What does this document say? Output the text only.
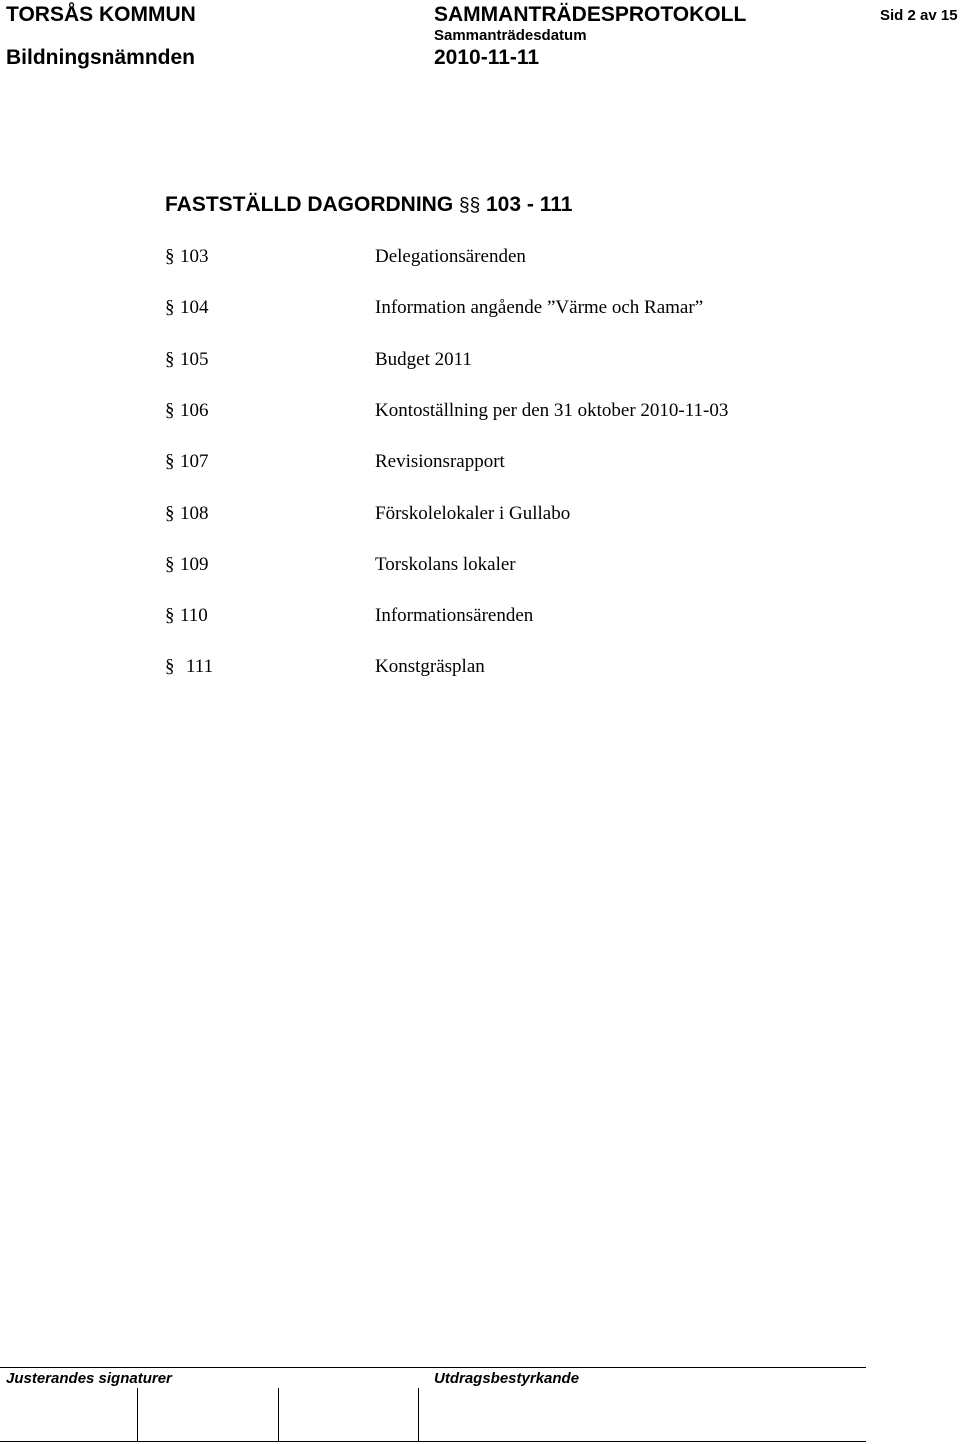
TORSÅS KOMMUN
Bildningsnämnden
SAMMANTRÄDESPROTOKOLL
Sammanträdesdatum
2010-11-11
Sid 2 av 15
FASTSTÄLLD DAGORDNING §§ 103 - 111
§ 103	Delegationsärenden
§ 104	Information angående ”Värme och Ramar”
§ 105	Budget 2011
§ 106	Kontoställning per den 31 oktober 2010-11-03
§ 107	Revisionsrapport
§ 108	Förskolelokaler i Gullabo
§ 109	Torskolans lokaler
§ 110	Informationsärenden
§ 111	Konstgräsplan
Justerandes signaturer	Utdragsbestyrkande
